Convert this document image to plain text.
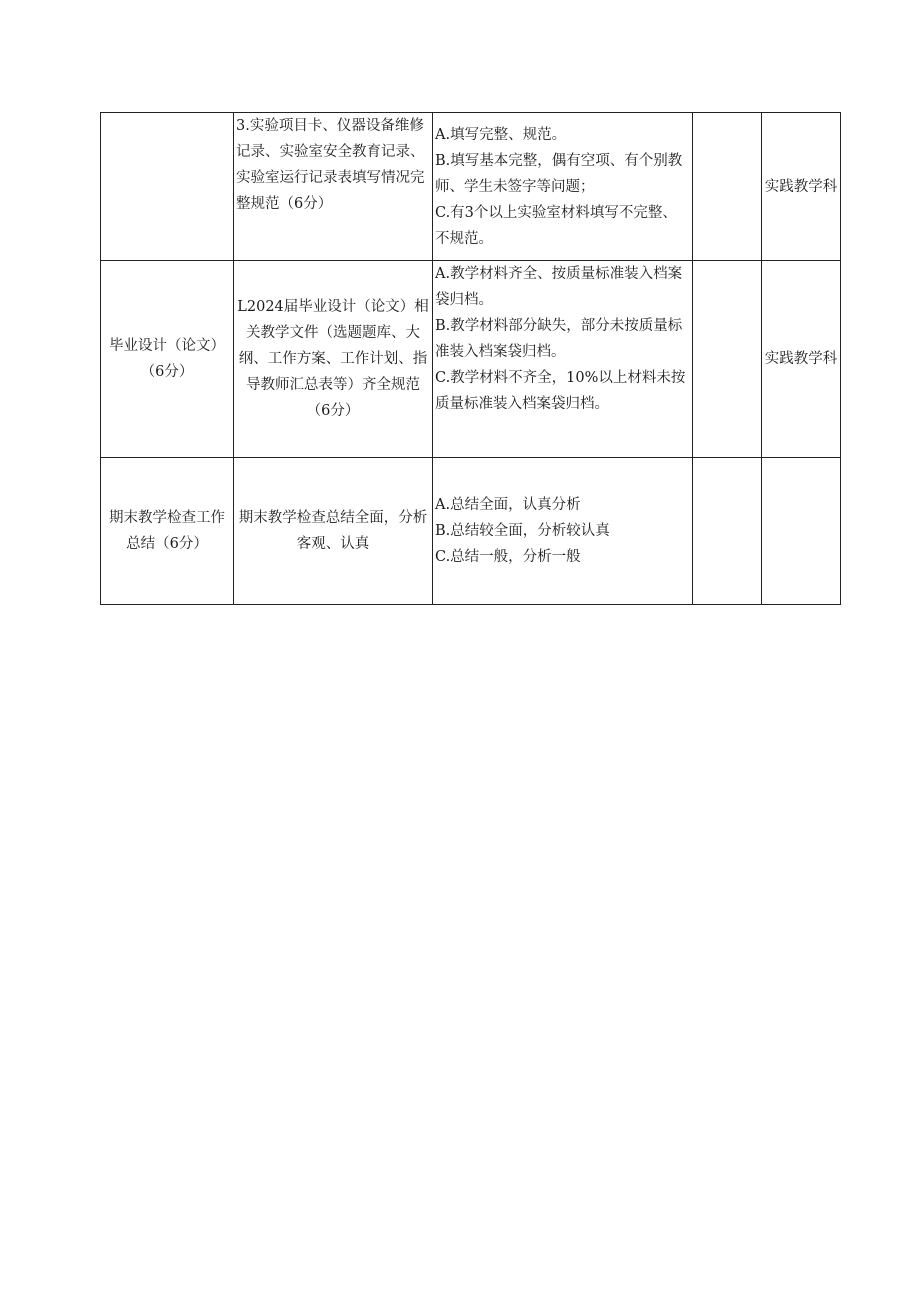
	3.实验项目卡、仪器设备维修记录、实验室安全教育记录、实验室运行记录表填写情况完整规范（6分）	A.填写完整、规范。
B.填写基本完整，偶有空项、有个别教师、学生未签字等问题；
C.有3个以上实验室材料填写不完整、不规范。		实践教学科
毕业设计（论文）（6分）	L2024届毕业设计（论文）相关教学文件（选题题库、大纲、工作方案、工作计划、指导教师汇总表等）齐全规范（6分）	A.教学材料齐全、按质量标准装入档案袋归档。
B.教学材料部分缺失，部分未按质量标准装入档案袋归档。
C.教学材料不齐全，10%以上材料未按质量标准装入档案袋归档。		实践教学科
期末教学检查工作总结（6分）	期末教学检查总结全面，分析客观、认真	A.总结全面，认真分析
B.总结较全面，分析较认真
C.总结一般，分析一般		
